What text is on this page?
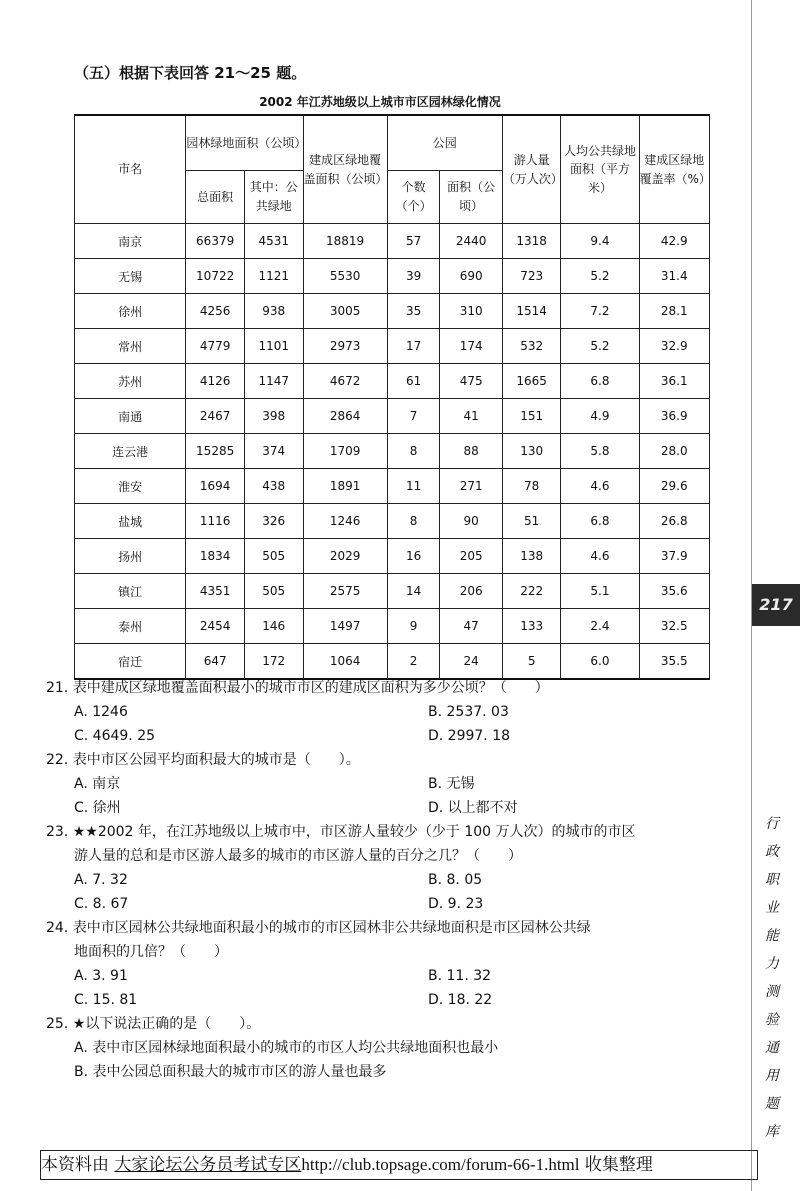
（五）根据下表回答 21～25 题。
2002 年江苏地级以上城市市区园林绿化情况
市名	园林绿地面积（公顷）		建成区绿地覆盖面积（公顷）	公园		游人量（万人次）	人均公共绿地面积（平方米）	建成区绿地覆盖率（%）
	总面积	其中：公共绿地		个数（个）	面积（公顷）			
南京	66379	4531	18819	57	2440	1318	9.4	42.9
无锡	10722	1121	5530	39	690	723	5.2	31.4
徐州	4256	938	3005	35	310	1514	7.2	28.1
常州	4779	1101	2973	17	174	532	5.2	32.9
苏州	4126	1147	4672	61	475	1665	6.8	36.1
南通	2467	398	2864	7	41	151	4.9	36.9
连云港	15285	374	1709	8	88	130	5.8	28.0
淮安	1694	438	1891	11	271	78	4.6	29.6
盐城	1116	326	1246	8	90	51	6.8	26.8
扬州	1834	505	2029	16	205	138	4.6	37.9
镇江	4351	505	2575	14	206	222	5.1	35.6
泰州	2454	146	1497	9	47	133	2.4	32.5
宿迁	647	172	1064	2	24	5	6.0	35.5
21. 表中建成区绿地覆盖面积最小的城市市区的建成区面积为多少公顷？（　　）
A. 1246	B. 2537. 03
C. 4649. 25	D. 2997. 18
22. 表中市区公园平均面积最大的城市是（　　）。
A. 南京	B. 无锡
C. 徐州	D. 以上都不对
23. ★★2002 年，在江苏地级以上城市中，市区游人量较少（少于 100 万人次）的城市的市区
游人量的总和是市区游人最多的城市的市区游人量的百分之几？（　　）
A. 7. 32	B. 8. 05
C. 8. 67	D. 9. 23
24. 表中市区园林公共绿地面积最小的城市的市区园林非公共绿地面积是市区园林公共绿
地面积的几倍？（　　）
A. 3. 91	B. 11. 32
C. 15. 81	D. 18. 22
25. ★以下说法正确的是（　　）。
A. 表中市区园林绿地面积最小的城市的市区人均公共绿地面积也最小
B. 表中公园总面积最大的城市市区的游人量也最多
217
行
政
职
业
能
力
测
验
通
用
题
库
本资料由 大家论坛公务员考试专区http://club.topsage.com/forum-66-1.html 收集整理
